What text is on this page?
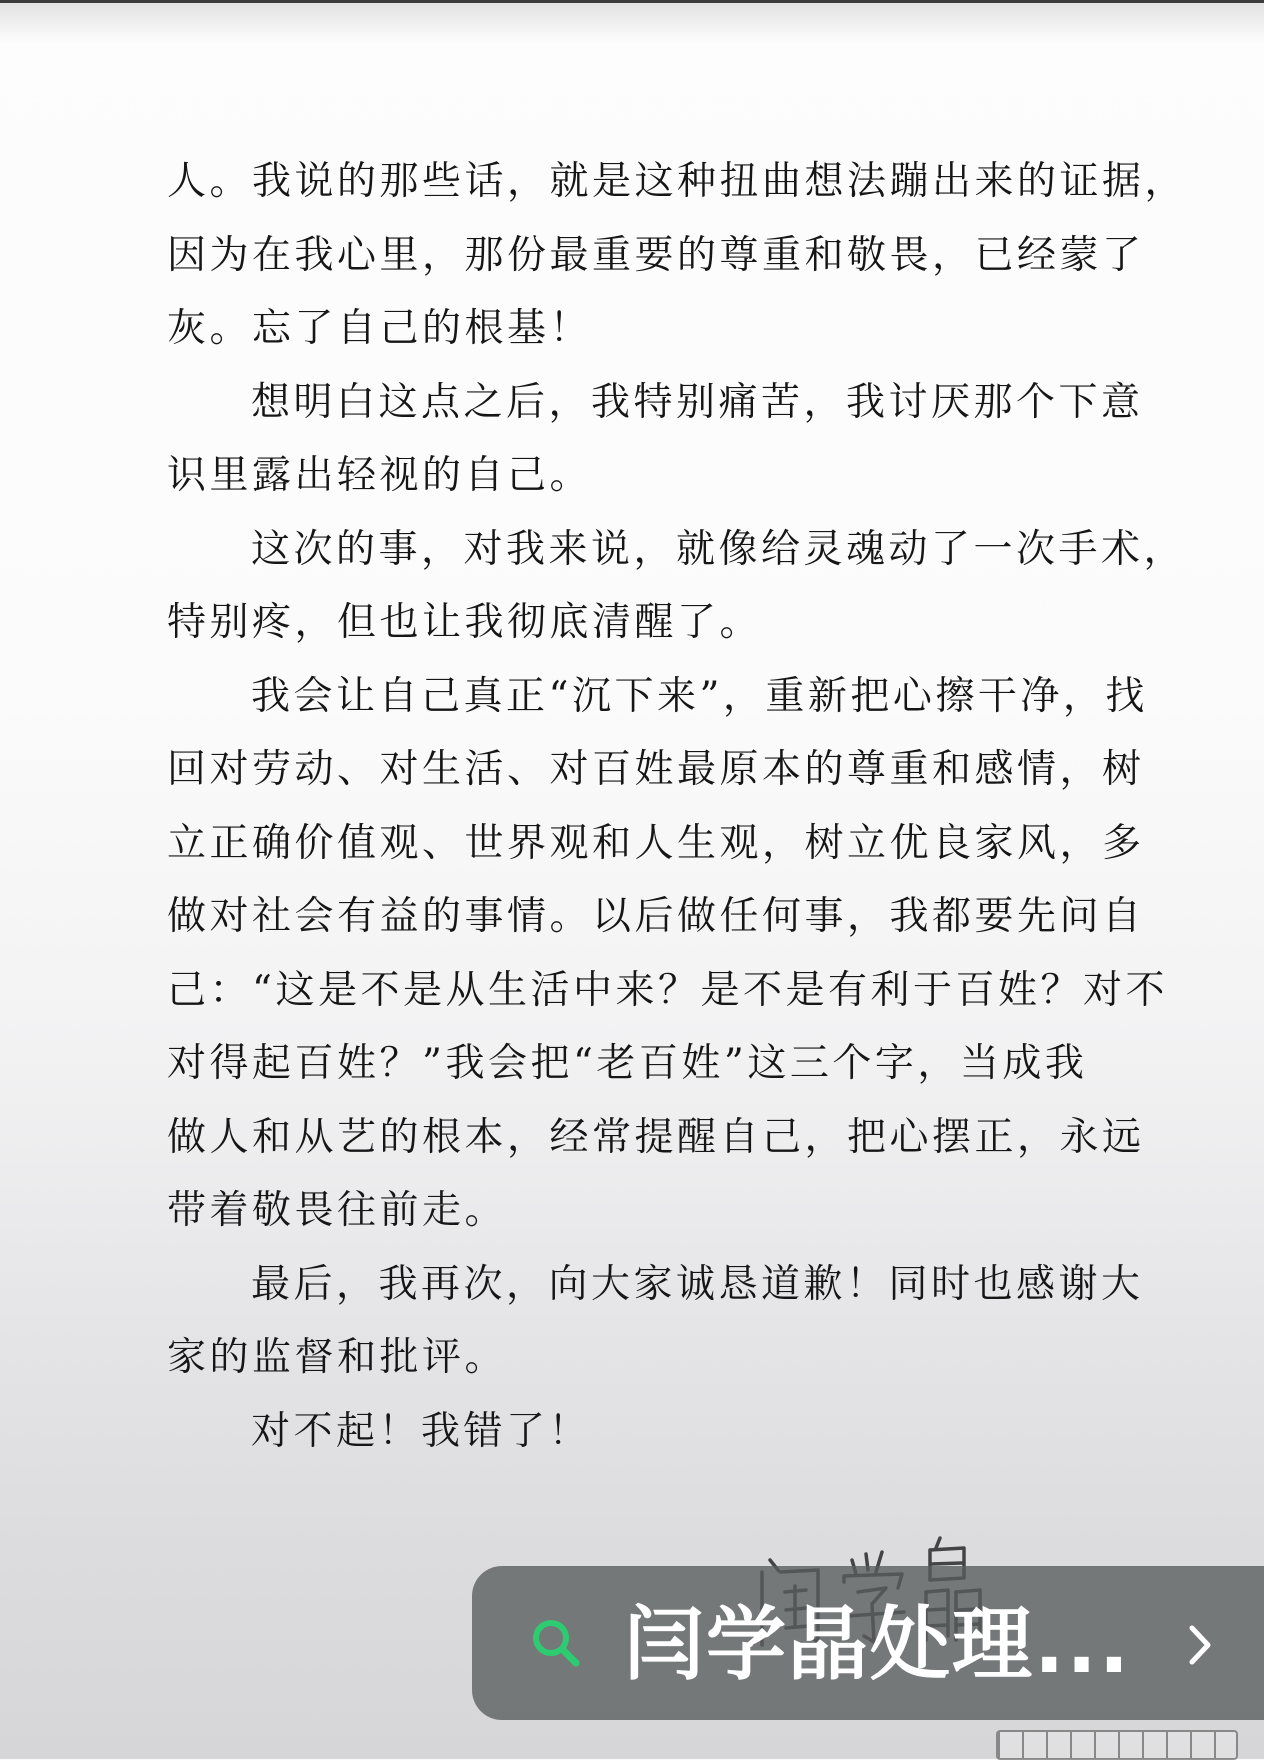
人。我说的那些话，就是这种扭曲想法蹦出来的证据，
因为在我心里，那份最重要的尊重和敬畏，已经蒙了
灰。忘了自己的根基！
想明白这点之后，我特别痛苦，我讨厌那个下意
识里露出轻视的自己。
这次的事，对我来说，就像给灵魂动了一次手术，
特别疼，但也让我彻底清醒了。
我会让自己真正“沉下来”，重新把心擦干净，找
回对劳动、对生活、对百姓最原本的尊重和感情，树
立正确价值观、世界观和人生观，树立优良家风，多
做对社会有益的事情。以后做任何事，我都要先问自
己：“这是不是从生活中来？是不是有利于百姓？对不
对得起百姓？”我会把“老百姓”这三个字，当成我
做人和从艺的根本，经常提醒自己，把心摆正，永远
带着敬畏往前走。
最后，我再次，向大家诚恳道歉！同时也感谢大
家的监督和批评。
对不起！我错了！
闫学晶处理...
